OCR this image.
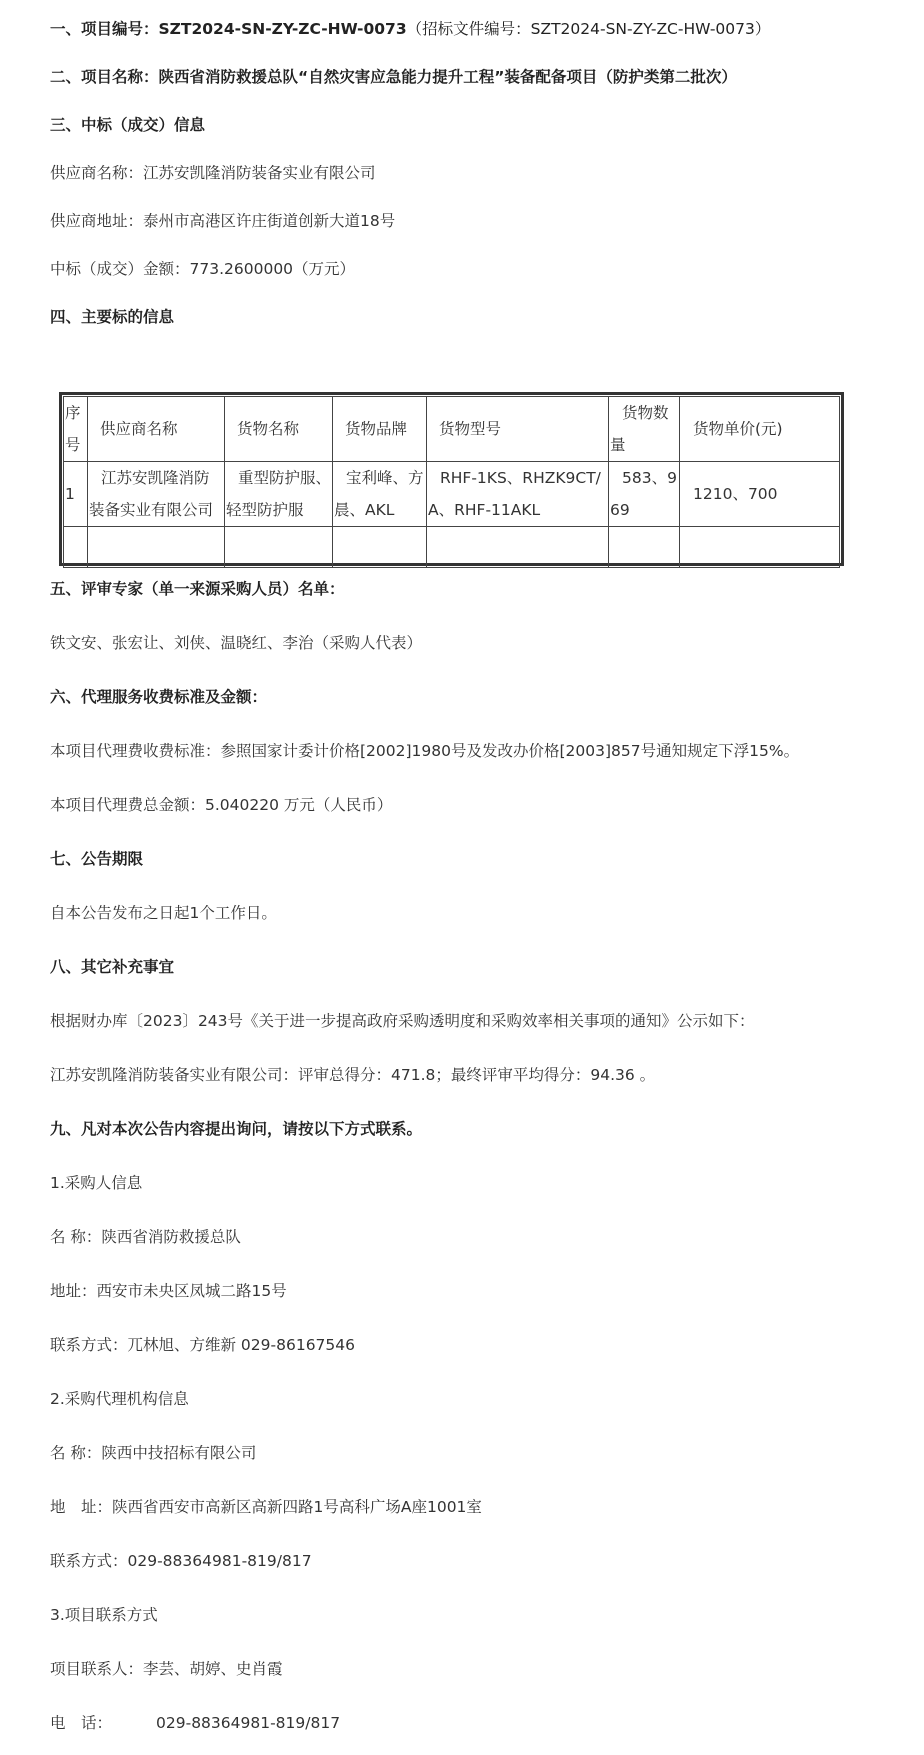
一、项目编号：SZT2024-SN-ZY-ZC-HW-0073（招标文件编号：SZT2024-SN-ZY-ZC-HW-0073）
二、项目名称：陕西省消防救援总队“自然灾害应急能力提升工程”装备配备项目（防护类第二批次）
三、中标（成交）信息
供应商名称：江苏安凯隆消防装备实业有限公司
供应商地址：泰州市高港区许庄街道创新大道18号
中标（成交）金额：773.2600000（万元）
四、主要标的信息
序号	供应商名称	货物名称	货物品牌	货物型号	货物数量	货物单价(元)
1	江苏安凯隆消防装备实业有限公司	重型防护服、轻型防护服	宝利峰、方晨、AKL	RHF-1KS、RHZK9CT/A、RHF-11AKL	583、969	1210、700

五、评审专家（单一来源采购人员）名单：
铁文安、张宏让、刘侠、温晓红、李治（采购人代表）
六、代理服务收费标准及金额：
本项目代理费收费标准：参照国家计委计价格[2002]1980号及发改办价格[2003]857号通知规定下浮15%。
本项目代理费总金额：5.040220 万元（人民币）
七、公告期限
自本公告发布之日起1个工作日。
八、其它补充事宜
根据财办库〔2023〕243号《关于进一步提高政府采购透明度和采购效率相关事项的通知》公示如下：
江苏安凯隆消防装备实业有限公司：评审总得分：471.8；最终评审平均得分：94.36 。
九、凡对本次公告内容提出询问，请按以下方式联系。
1.采购人信息
名 称：陕西省消防救援总队
地址：西安市未央区凤城二路15号
联系方式：兀林旭、方维新 029-86167546
2.采购代理机构信息
名 称：陕西中技招标有限公司
地　址：陕西省西安市高新区高新四路1号高科广场A座1001室
联系方式：029-88364981-819/817
3.项目联系方式
项目联系人：李芸、胡婷、史肖霞
电　话：	029-88364981-819/817
